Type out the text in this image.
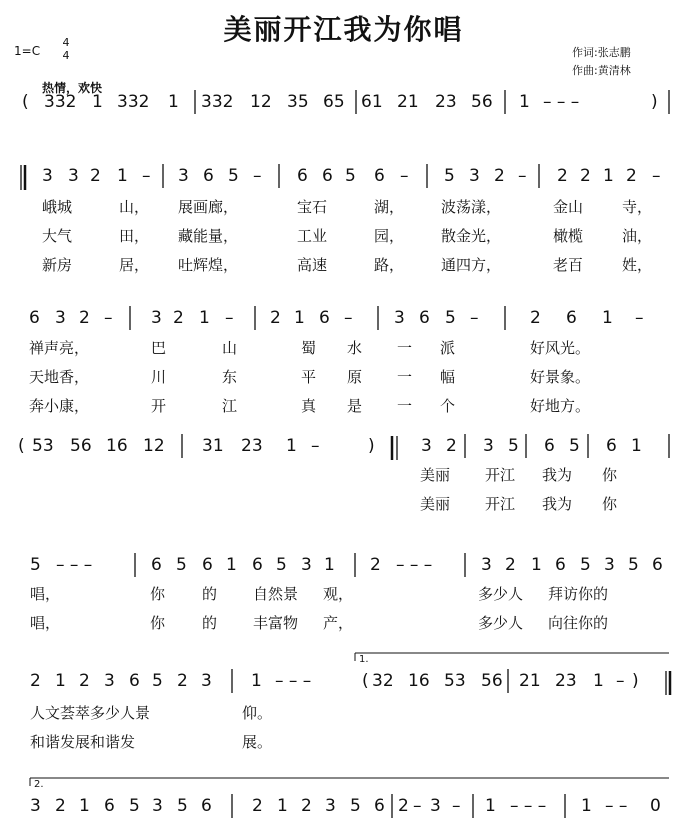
美丽开江我为你唱
1=C
4
4	作词:张志鹏
作曲:黄清林
热情，欢快
( 332 1 332 1 332 12 35 65 61 21 23 56 1 – – –	)
3 3 2 1 – 3 6 5 – 6 6 5 6 – 5 3 2 – 2 2 1 2 –
峨城	山， 展画廊，	宝石	湖， 波荡漾，	金山	寺，
大气	田， 藏能量，	工业	园， 散金光，	橄榄	油，
新房	居， 吐辉煌，	高速	路， 通四方，	老百	姓，
6 3 2 – 3 2 1 – 2 1 6 – 3 6 5 –	2 6 1 –
禅声亮，	巴	山	蜀 水 一 派	好风光。
天地香，	川	东	平 原 一 幅	好景象。
奔小康，	开	江	真 是 一 个	好地方。
( 53 56 16 12 31 23 1 –	)	3 2 3 5 6 5 6 1
美丽 开江 我为 你
美丽 开江 我为 你
5 – – –	6 5 6 1 6 5 3 1 2 – – –	3 2 1 6 5 3 5 6
唱，	你 的 自然景 观，	多少人 拜访你的
唱，	你 的 丰富物 产，	多少人 向往你的
2 1 2 3 6 5 2 3 1 – – –	( 32 16 53 56 21 23 1 – )
人文荟萃多少人景	仰。
和谐发展和谐发	展。
1.
3 2 1 6 5 3 5 6 2 1 2 3 5 6 2 – 3 – 1 – – – 1 – – 0
2.
